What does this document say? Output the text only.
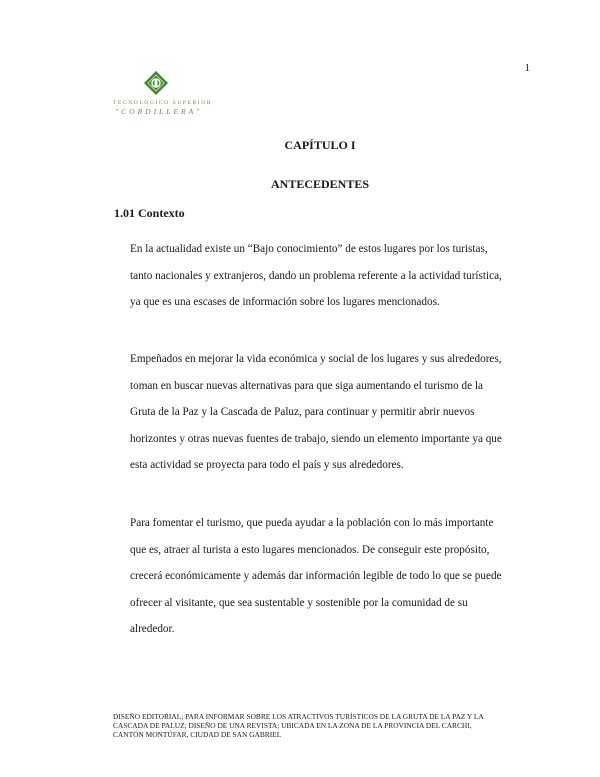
1
TECNOLÓGICO SUPERIOR
"CORDILLERA"
CAPÍTULO I
ANTECEDENTES
1.01 Contexto
En la actualidad existe un “Bajo conocimiento” de estos lugares por los turistas,
tanto nacionales y extranjeros, dando un problema referente a la actividad turística,
ya que es una escases de información sobre los lugares mencionados.
Empeñados en mejorar la vida económica y social de los lugares y sus alrededores,
toman en buscar nuevas alternativas para que siga aumentando el turismo de la
Gruta de la Paz y la Cascada de Paluz, para continuar y permitir abrir nuevos
horizontes y otras nuevas fuentes de trabajo, siendo un elemento importante ya que
esta actividad se proyecta para todo el país y sus alrededores.
Para fomentar el turismo, que pueda ayudar a la población con lo más importante
que es, atraer al turista a esto lugares mencionados. De conseguir este propósito,
crecerá económicamente y además dar información legible de todo lo que se puede
ofrecer al visitante, que sea sustentable y sostenible por la comunidad de su
alrededor.
DISEÑO EDITORIAL; PARA INFORMAR SOBRE LOS ATRACTIVOS TURÍSTICOS DE LA GRUTA DE LA PAZ Y LA
CASCADA DE PALUZ; DISEÑO DE UNA REVISTA; UBICADA EN LA ZONA DE LA PROVINCIA DEL CARCHI,
CANTÓN MONTÚFAR, CIUDAD DE SAN GABRIEL
